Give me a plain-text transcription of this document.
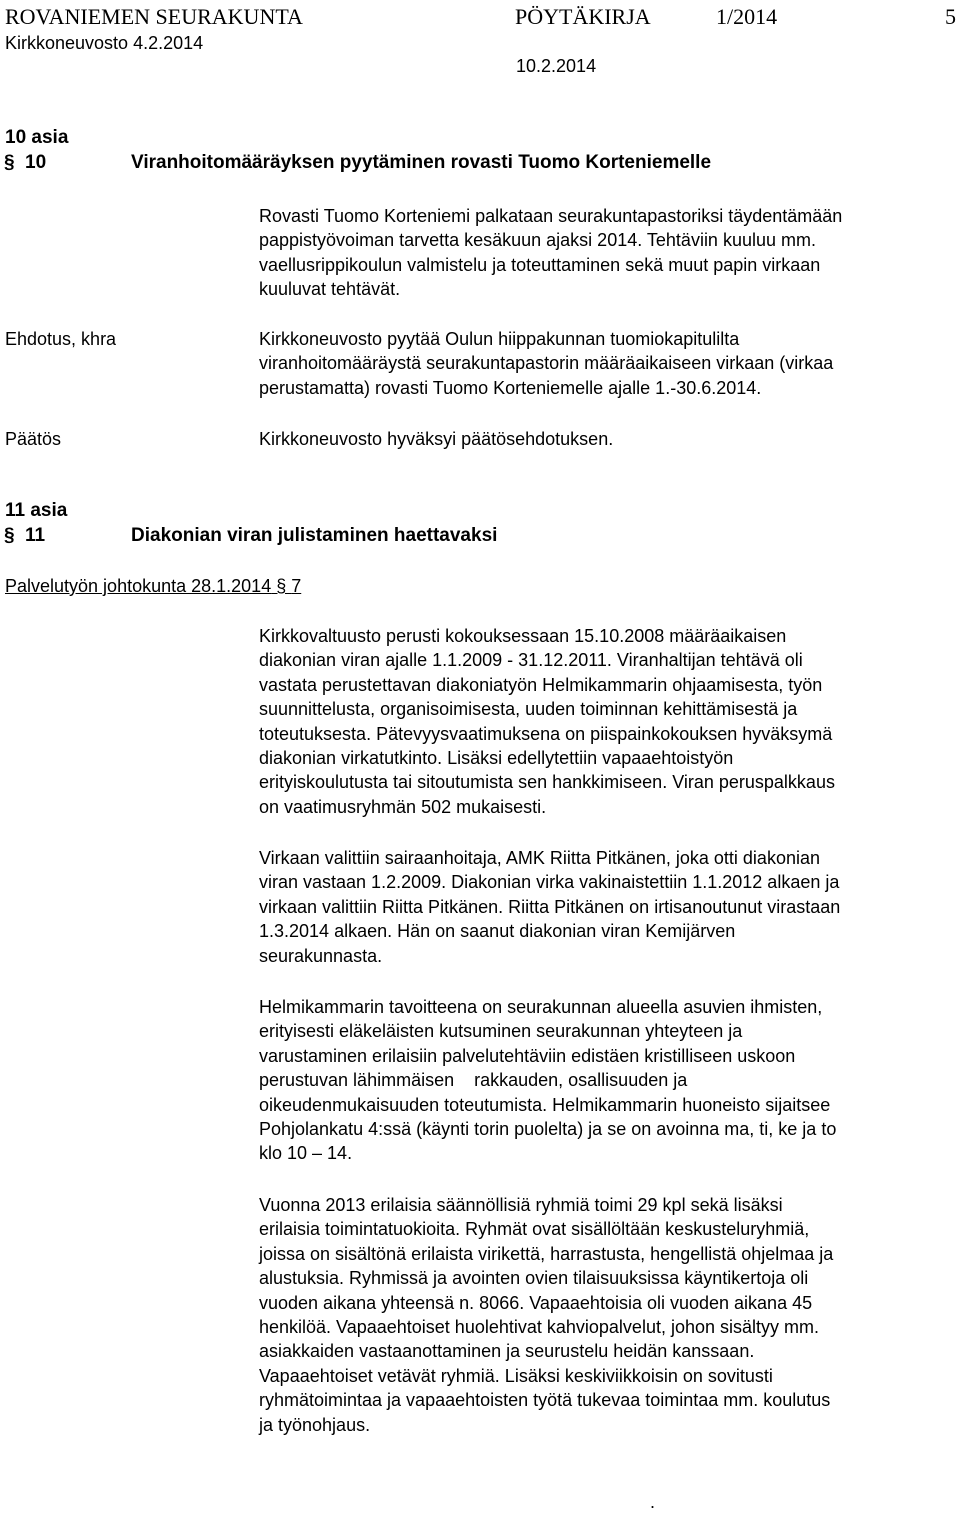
ROVANIEMEN SEURAKUNTA	PÖYTÄKIRJA	1/2014	5
Kirkkoneuvosto 4.2.2014
10.2.2014
10 asia
§ 10	Viranhoitomääräyksen pyytäminen rovasti Tuomo Korteniemelle
Rovasti Tuomo Korteniemi palkataan seurakuntapastoriksi täydentämään
pappistyövoiman tarvetta kesäkuun ajaksi 2014. Tehtäviin kuuluu mm.
vaellusrippikoulun valmistelu ja toteuttaminen sekä muut papin virkaan
kuuluvat tehtävät.
Ehdotus, khra	Kirkkoneuvosto pyytää Oulun hiippakunnan tuomiokapitulilta
viranhoitomääräystä seurakuntapastorin määräaikaiseen virkaan (virkaa
perustamatta) rovasti Tuomo Korteniemelle ajalle 1.-30.6.2014.
Päätös	Kirkkoneuvosto hyväksyi päätösehdotuksen.
11 asia
§ 11	Diakonian viran julistaminen haettavaksi
Palvelutyön johtokunta 28.1.2014 § 7
Kirkkovaltuusto perusti kokouksessaan 15.10.2008 määräaikaisen
diakonian viran ajalle 1.1.2009 - 31.12.2011. Viranhaltijan tehtävä oli
vastata perustettavan diakoniatyön Helmikammarin ohjaamisesta, työn
suunnittelusta, organisoimisesta, uuden toiminnan kehittämisestä ja
toteutuksesta. Pätevyysvaatimuksena on piispainkokouksen hyväksymä
diakonian virkatutkinto. Lisäksi edellytettiin vapaaehtoistyön
erityiskoulutusta tai sitoutumista sen hankkimiseen. Viran peruspalkkaus
on vaatimusryhmän 502 mukaisesti.
Virkaan valittiin sairaanhoitaja, AMK Riitta Pitkänen, joka otti diakonian
viran vastaan 1.2.2009. Diakonian virka vakinaistettiin 1.1.2012 alkaen ja
virkaan valittiin Riitta Pitkänen. Riitta Pitkänen on irtisanoutunut virastaan
1.3.2014 alkaen. Hän on saanut diakonian viran Kemijärven
seurakunnasta.
Helmikammarin tavoitteena on seurakunnan alueella asuvien ihmisten,
erityisesti eläkeläisten kutsuminen seurakunnan yhteyteen ja
varustaminen erilaisiin palvelutehtäviin edistäen kristilliseen uskoon
perustuvan lähimmäisen    rakkauden, osallisuuden ja
oikeudenmukaisuuden toteutumista. Helmikammarin huoneisto sijaitsee
Pohjolankatu 4:ssä (käynti torin puolelta) ja se on avoinna ma, ti, ke ja to
klo 10 – 14.
Vuonna 2013 erilaisia säännöllisiä ryhmiä toimi 29 kpl sekä lisäksi
erilaisia toimintatuokioita. Ryhmät ovat sisällöltään keskusteluryhmiä,
joissa on sisältönä erilaista virikettä, harrastusta, hengellistä ohjelmaa ja
alustuksia. Ryhmissä ja avointen ovien tilaisuuksissa käyntikertoja oli
vuoden aikana yhteensä n. 8066. Vapaaehtoisia oli vuoden aikana 45
henkilöä. Vapaaehtoiset huolehtivat kahviopalvelut, johon sisältyy mm.
asiakkaiden vastaanottaminen ja seurustelu heidän kanssaan.
Vapaaehtoiset vetävät ryhmiä. Lisäksi keskiviikkoisin on sovitusti
ryhmätoimintaa ja vapaaehtoisten työtä tukevaa toimintaa mm. koulutus
ja työnohjaus.
.
